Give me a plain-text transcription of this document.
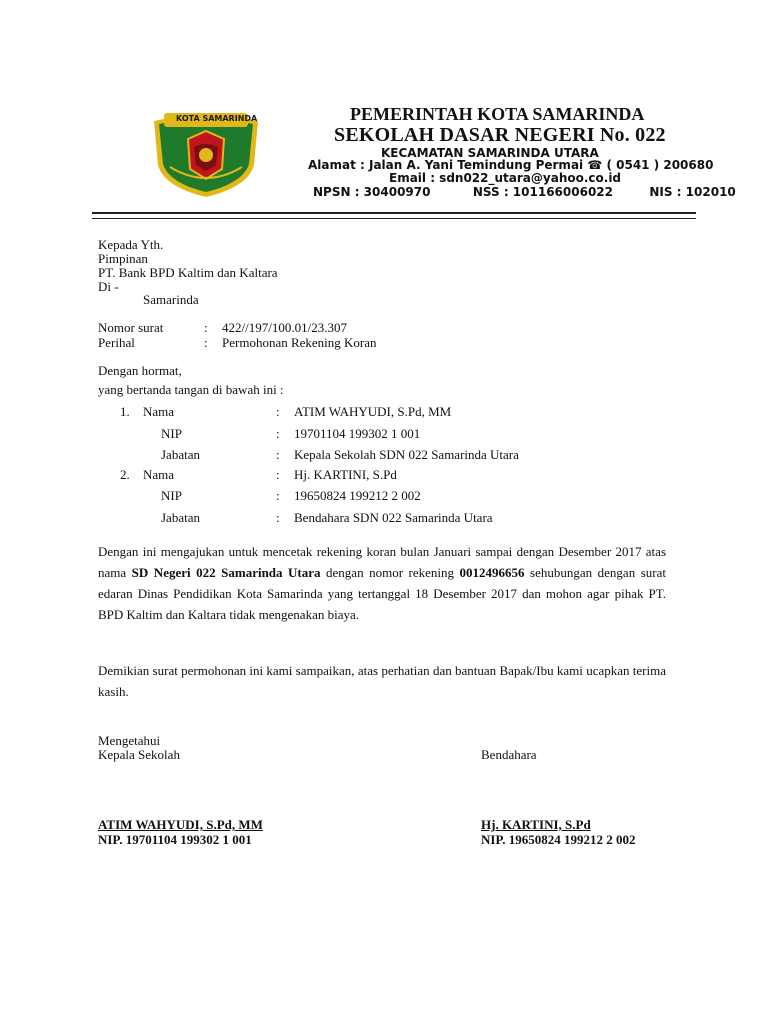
KOTA SAMARINDA	PEMERINTAH KOTA SAMARINDA
SEKOLAH DASAR NEGERI No. 022
KECAMATAN SAMARINDA UTARA
Alamat : Jalan A. Yani Temindung Permai ☎ ( 0541 ) 200680
Email : sdn022_utara@yahoo.co.id
NPSN : 30400970	NSS : 101166006022	NIS : 102010
Kepada Yth.
Pimpinan
PT. Bank BPD Kaltim dan Kaltara
Di -
Samarinda
Nomor surat	: 422//197/100.01/23.307
Perihal	: Permohonan Rekening Koran
Dengan hormat,
yang bertanda tangan di bawah ini :
1. Nama	: ATIM WAHYUDI, S.Pd, MM
NIP	: 19701104 199302 1 001
Jabatan	: Kepala Sekolah SDN 022 Samarinda Utara
2. Nama	: Hj. KARTINI, S.Pd
NIP	: 19650824 199212 2 002
Jabatan	: Bendahara SDN 022 Samarinda Utara
Dengan ini mengajukan untuk mencetak rekening koran bulan Januari sampai dengan Desember 2017 atas nama SD Negeri 022 Samarinda Utara dengan nomor rekening 0012496656 sehubungan dengan surat edaran Dinas Pendidikan Kota Samarinda yang tertanggal 18 Desember 2017 dan mohon agar pihak PT. BPD Kaltim dan Kaltara tidak mengenakan biaya.
Demikian surat permohonan ini kami sampaikan, atas perhatian dan bantuan Bapak/Ibu kami ucapkan terima kasih.
Mengetahui
Kepala Sekolah	Bendahara
ATIM WAHYUDI, S.Pd, MM
NIP. 19701104 199302 1 001
Hj. KARTINI, S.Pd
NIP. 19650824 199212 2 002
